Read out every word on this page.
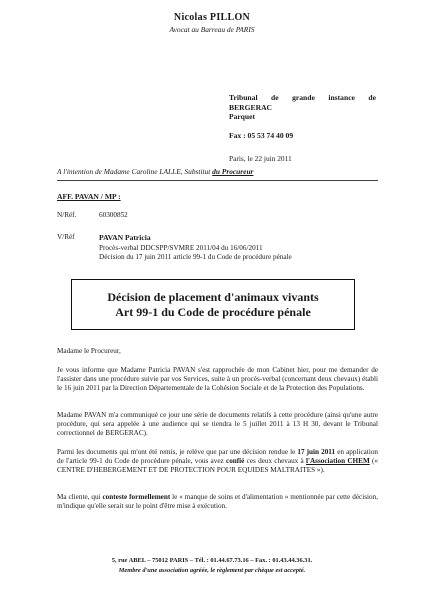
Nicolas PILLON
Avocat au Barreau de PARIS
Tribunal de grande instance de
BERGERAC
Parquet
Fax : 05 53 74 40 09
Paris, le 22 juin 2011
A l'intention de Madame Caroline LALLE, Substitut du Procureur
AFF. PAVAN / MP :
N/Réf.	60300852
V/Réf	PAVAN Patricia
Procès-verbal DDCSPP/SVMRE 2011/04 du 16/06/2011
Décision du 17 juin 2011 article 99-1 du Code de procédure pénale
Décision de placement d'animaux vivants
Art 99-1 du Code de procédure pénale
Madame le Procureur,
Je vous informe que Madame Patricia PAVAN s'est rapprochée de mon Cabinet hier, pour me demander de l'assister dans une procédure suivie par vos Services, suite à un procès-verbal (concernant deux chevaux) établi le 16 juin 2011 par la Direction Départementale de la Cohésion Sociale et de la Protection des Populations.
Madame PAVAN m'a communiqué ce jour une série de documents relatifs à cette procédure (ainsi qu'une autre procédure, qui sera appelée à une audience qui se tiendra le 5 juillet 2011 à 13 H 30, devant le Tribunal correctionnel de BERGERAC).
Parmi les documents qui m'ont été remis, je relève que par une décision rendue le 17 juin 2011 en application de l'article 99-1 du Code de procédure pénale, vous avez confié ces deux chevaux à l'Association CHEM (« CENTRE D'HEBERGEMENT ET DE PROTECTION POUR EQUIDES MALTRAITES »).
Ma cliente, qui conteste formellement le « manque de soins et d'alimentation » mentionnée par cette décision, m'indique qu'elle serait sur le point d'être mise à exécution.
5, rue ABEL – 75012 PARIS – Tél. : 01.44.67.73.16 – Fax. : 01.43.44.36.31.
Membre d'une association agréée, le règlement par chèque est accepté.
